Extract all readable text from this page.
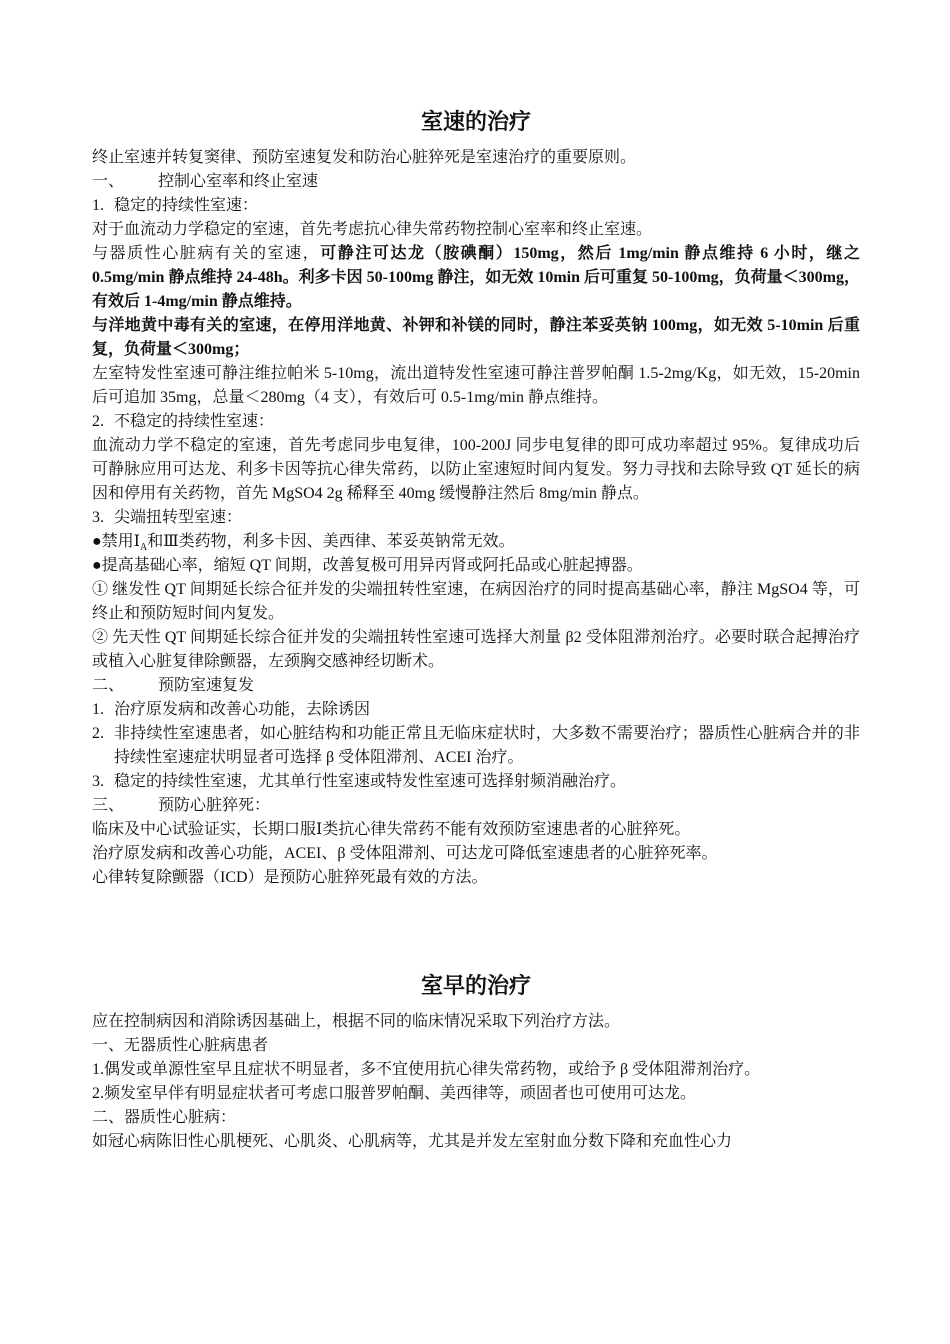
室速的治疗

终止室速并转复窦律、预防室速复发和防治心脏猝死是室速治疗的重要原则。

一、 控制心室率和终止室速

1. 稳定的持续性室速：

对于血流动力学稳定的室速，首先考虑抗心律失常药物控制心室率和终止室速。

与器质性心脏病有关的室速，可静注可达龙（胺碘酮）150mg，然后 1mg/min 静点维持 6 小时，继之 0.5mg/min 静点维持 24-48h。利多卡因 50-100mg 静注，如无效 10min 后可重复 50-100mg，负荷量＜300mg，有效后 1-4mg/min 静点维持。

与洋地黄中毒有关的室速，在停用洋地黄、补钾和补镁的同时，静注苯妥英钠 100mg，如无效 5-10min 后重复，负荷量＜300mg；

左室特发性室速可静注维拉帕米 5-10mg，流出道特发性室速可静注普罗帕酮 1.5-2mg/Kg，如无效，15-20min 后可追加 35mg，总量＜280mg（4 支），有效后可 0.5-1mg/min 静点维持。

2. 不稳定的持续性室速：

血流动力学不稳定的室速，首先考虑同步电复律，100-200J 同步电复律的即可成功率超过 95%。复律成功后可静脉应用可达龙、利多卡因等抗心律失常药，以防止室速短时间内复发。努力寻找和去除导致 QT 延长的病因和停用有关药物，首先 MgSO4 2g 稀释至 40mg 缓慢静注然后 8mg/min 静点。

3. 尖端扭转型室速：

●禁用$Ⅰ_A$和Ⅲ类药物，利多卡因、美西律、苯妥英钠常无效。

●提高基础心率，缩短 QT 间期，改善复极可用异丙肾或阿托品或心脏起搏器。

① 继发性 QT 间期延长综合征并发的尖端扭转性室速，在病因治疗的同时提高基础心率，静注 MgSO4 等，可终止和预防短时间内复发。

② 先天性 QT 间期延长综合征并发的尖端扭转性室速可选择大剂量 β2 受体阻滞剂治疗。必要时联合起搏治疗或植入心脏复律除颤器，左颈胸交感神经切断术。

二、 预防室速复发

1. 治疗原发病和改善心功能，去除诱因
2. 非持续性室速患者，如心脏结构和功能正常且无临床症状时，大多数不需要治疗；器质性心脏病合并的非持续性室速症状明显者可选择 β 受体阻滞剂、ACEI 治疗。
3. 稳定的持续性室速，尤其单行性室速或特发性室速可选择射频消融治疗。

三、 预防心脏猝死：

临床及中心试验证实，长期口服Ⅰ类抗心律失常药不能有效预防室速患者的心脏猝死。

治疗原发病和改善心功能，ACEI、β 受体阻滞剂、可达龙可降低室速患者的心脏猝死率。

心律转复除颤器（ICD）是预防心脏猝死最有效的方法。

室早的治疗

应在控制病因和消除诱因基础上，根据不同的临床情况采取下列治疗方法。

一、无器质性心脏病患者

1.偶发或单源性室早且症状不明显者，多不宜使用抗心律失常药物，或给予 β 受体阻滞剂治疗。

2.频发室早伴有明显症状者可考虑口服普罗帕酮、美西律等，顽固者也可使用可达龙。

二、器质性心脏病：

如冠心病陈旧性心肌梗死、心肌炎、心肌病等，尤其是并发左室射血分数下降和充血性心力
